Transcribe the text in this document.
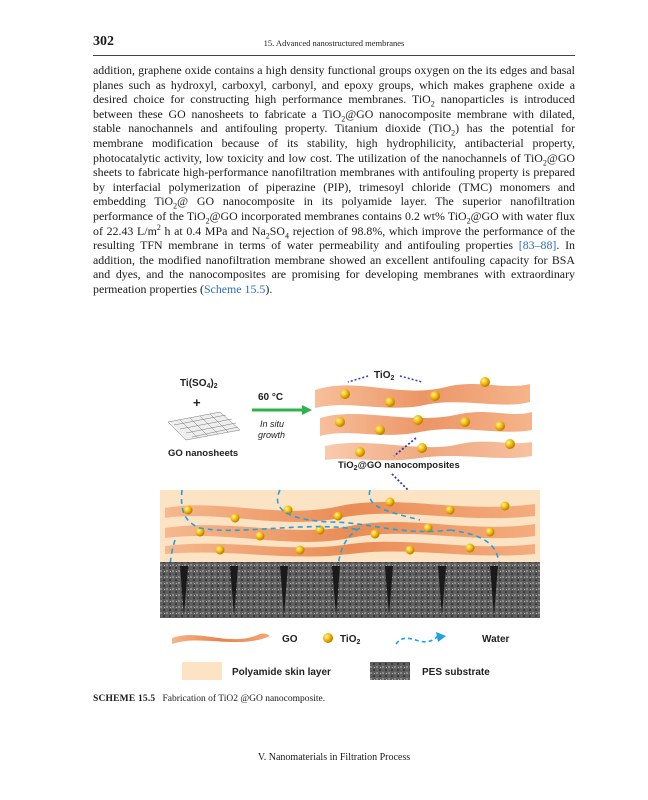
302	15. Advanced nanostructured membranes
addition, graphene oxide contains a high density functional groups oxygen on the its edges and basal planes such as hydroxyl, carboxyl, carbonyl, and epoxy groups, which makes graphene oxide a desired choice for constructing high performance membranes. TiO$_2$ nanoparticles is introduced between these GO nanosheets to fabricate a TiO$_2$@GO nanocomposite membrane with dilated, stable nanochannels and antifouling property. Titanium dioxide (TiO$_2$) has the potential for membrane modification because of its stability, high hydrophilicity, antibacterial property, photocatalytic activity, low toxicity and low cost. The utilization of the nanochannels of TiO$_2$@GO sheets to fabricate high-performance nanofiltration membranes with antifouling property is prepared by interfacial polymerization of piperazine (PIP), trimesoyl chloride (TMC) monomers and embedding TiO$_2$@ GO nanocomposite in its polyamide layer. The superior nanofiltration performance of the TiO$_2$@GO incorporated membranes contains 0.2 wt% TiO$_2$@GO with water flux of 22.43 $L/m^2$ h at 0.4 MPa and $Na_2SO_4$ rejection of 98.8%, which improve the performance of the resulting TFN membrane in terms of water permeability and antifouling properties [83–88]. In addition, the modified nanofiltration membrane showed an excellent antifouling capacity for BSA and dyes, and the nanocomposites are promising for developing membranes with extraordinary permeation properties (Scheme 15.5).
$Ti(SO_4)_2$
+
GO nanosheets
60 °C
In situ
growth
TiO$_2$
TiO$_2$@GO nanocomposites
GO	TiO$_2$	Water
Polyamide skin layer	PES substrate
SCHEME 15.5 Fabrication of TiO2 @GO nanocomposite.
V. Nanomaterials in Filtration Process
